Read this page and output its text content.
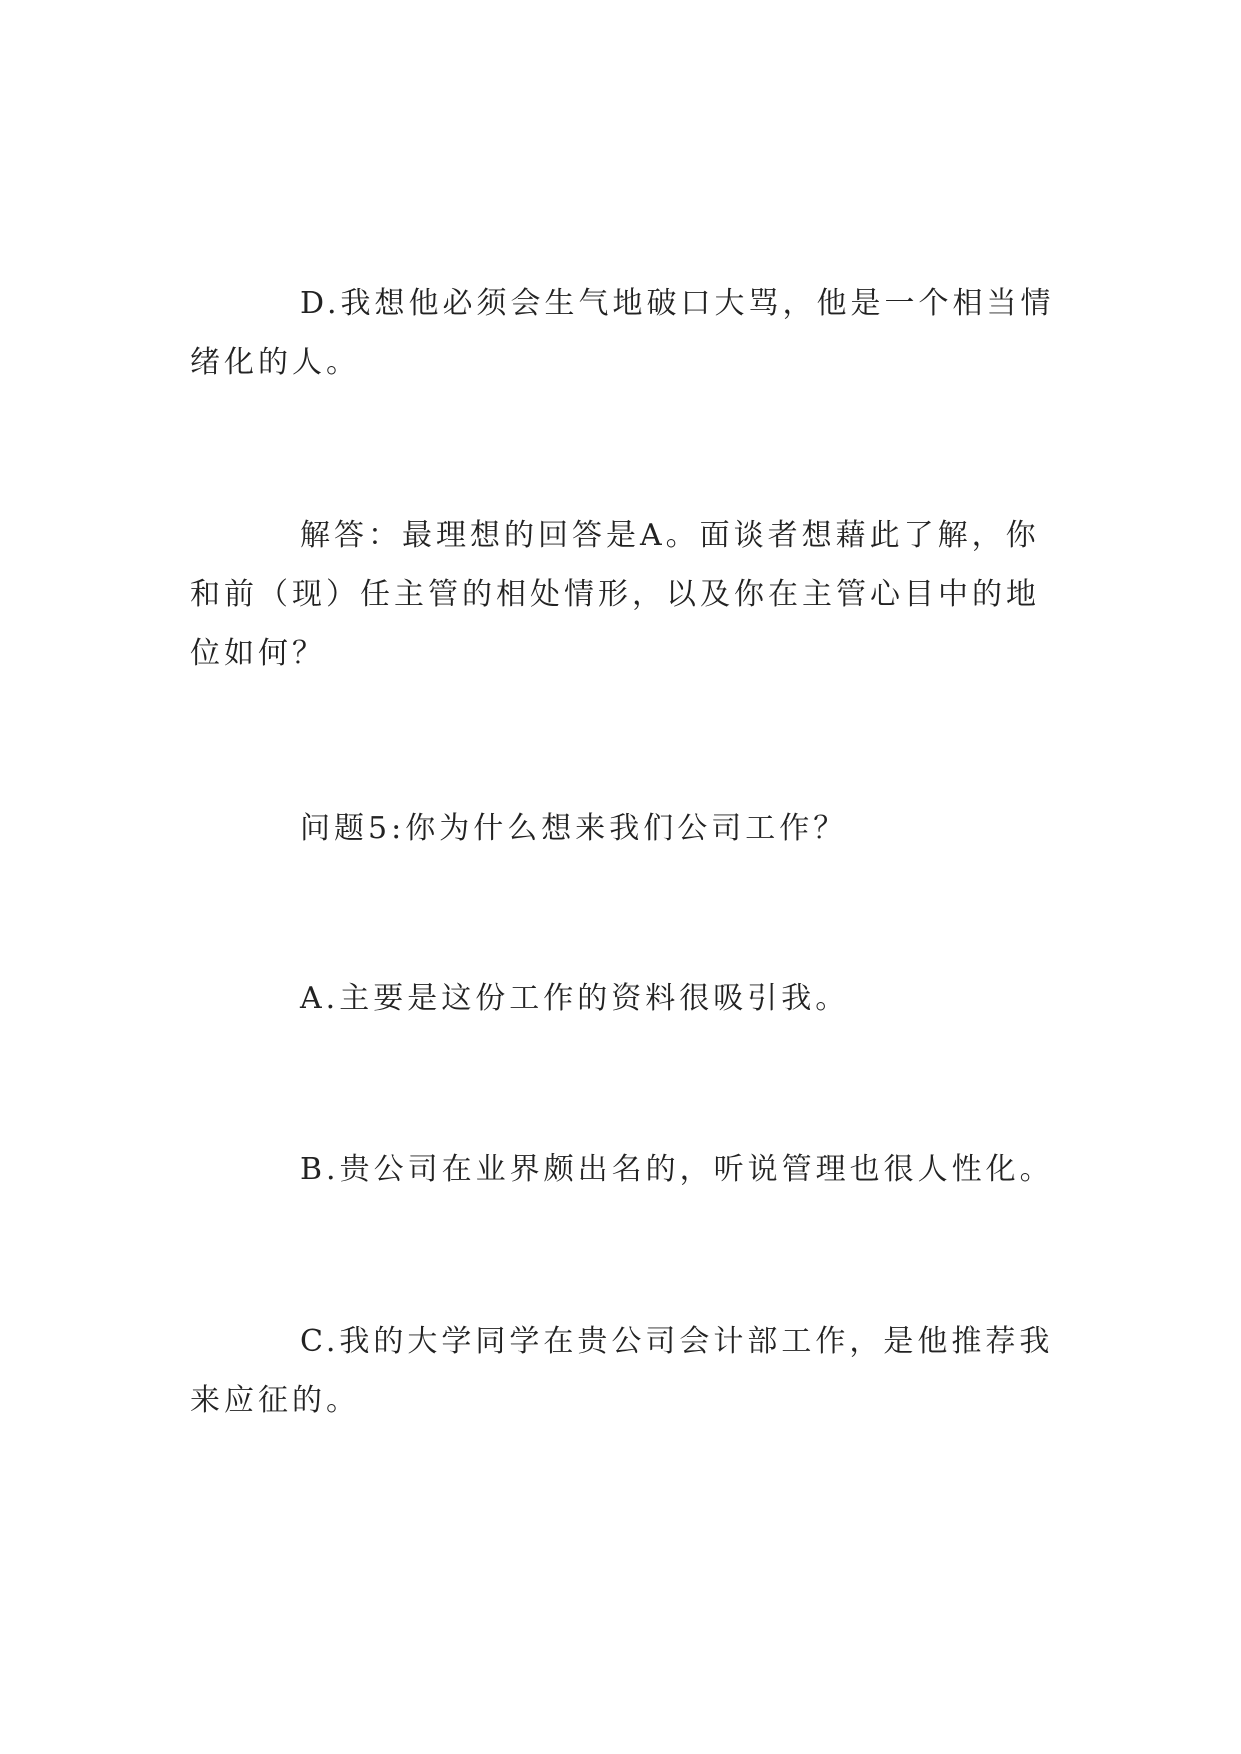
D.我想他必须会生气地破口大骂，他是一个相当情绪化的人。

解答：最理想的回答是A。面谈者想藉此了解，你和前（现）任主管的相处情形，以及你在主管心目中的地位如何？

问题5:你为什么想来我们公司工作？

A.主要是这份工作的资料很吸引我。

B.贵公司在业界颇出名的，听说管理也很人性化。

C.我的大学同学在贵公司会计部工作，是他推荐我来应征的。
